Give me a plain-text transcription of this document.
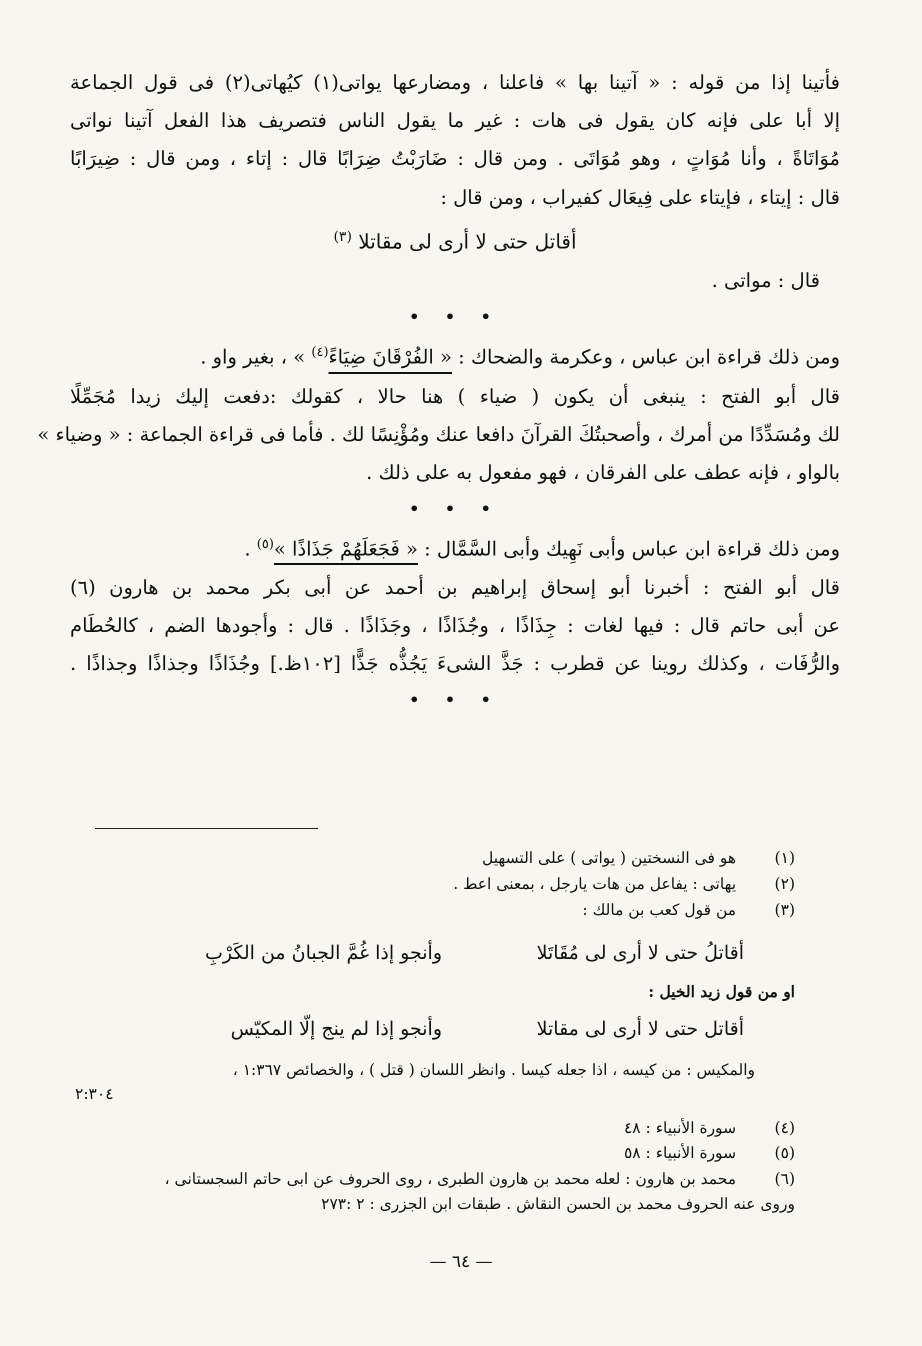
فأتينا إذا من قوله : « آتينا بها » فاعلنا ، ومضارعها يواتى(١) كيُهاتى(٢) فى قول الجماعة
إلا أبا على فإنه كان يقول فى هات : غير ما يقول الناس فتصريف هذا الفعل آتينا نواتى
مُوَاتَاةً ، وأنا مُوَاتٍ ، وهو مُوَاتَى . ومن قال : ضَارَبْتُ ضِرَابًا قال : إتاء ، ومن قال : ضِيرَابًا
قال : إيتاء ، فإيتاء على فِيعَال كفيراب ، ومن قال :

أقاتل حتى لا أرى لى مقاتلا $^{(٣)}$
قال : مواتى .
• • •
ومن ذلك قراءة ابن عباس ، وعكرمة والضحاك : « الفُرْقَانَ ضِيَاءً$^{(٤)}$ » ، بغير واو .

قال أبو الفتح : ينبغى أن يكون ( ضياء ) هنا حالا ، كقولك :دفعت إليك زيدا مُجَمِّلًا
لك ومُسَدِّدًا من أمرك ، وأصحبتُكَ القرآنَ دافعا عنك ومُؤْنِسًا لك . فأما فى قراءة الجماعة : « وضياء »
بالواو ، فإنه عطف على الفرقان ، فهو مفعول به على ذلك .

• • •
ومن ذلك قراءة ابن عباس وأبى نَهِيك وأبى السَّمَّال : « فَجَعَلَهُمْ جَذَاذًا »$^{(٥)}$ .

قال أبو الفتح : أخبرنا أبو إسحاق إبراهيم بن أحمد عن أبى بكر محمد بن هارون (٦)
عن أبى حاتم قال : فيها لغات : جِذَاذًا ، وجُذَاذًا ، وجَذَاذًا . قال : وأجودها الضم ، كالحُطَام
والرُّفَات ، وكذلك روينا عن قطرب : جَذَّ الشىءَ يَجُذُّه جَذًّا [١٠٢ظ.] وجُذَاذًا وجذاذًا وجذاذًا .

• • •
(١) هو فى النسختين ( يواتى ) على التسهيل
(٢) يهاتى : يفاعل من هات يارجل ، بمعنى اعط .
(٣) من قول كعب بن مالك :
أقاتلُ حتى لا أرى لى مُقَاتَلا
وأنجو إذا غُمَّ الجبانُ من الكَرْبِ
او من قول زيد الخيل :
أقاتل حتى لا أرى لى مقاتلا
وأنجو إذا لم ينج إلّا المكيّس
والمكيس : من كيسه ، اذا جعله كيسا . وانظر اللسان ( قتل ) ، والخصائص ١:٣٦٧ ،
٢:٣٠٤
(٤) سورة الأنبياء : ٤٨
(٥) سورة الأنبياء : ٥٨
(٦) محمد بن هارون : لعله محمد بن هارون الطبرى ، روى الحروف عن ابى حاتم السجستانى ،
وروى عنه الحروف محمد بن الحسن النقاش . طبقات ابن الجزرى : ٢ :٢٧٣
— ٦٤ —
